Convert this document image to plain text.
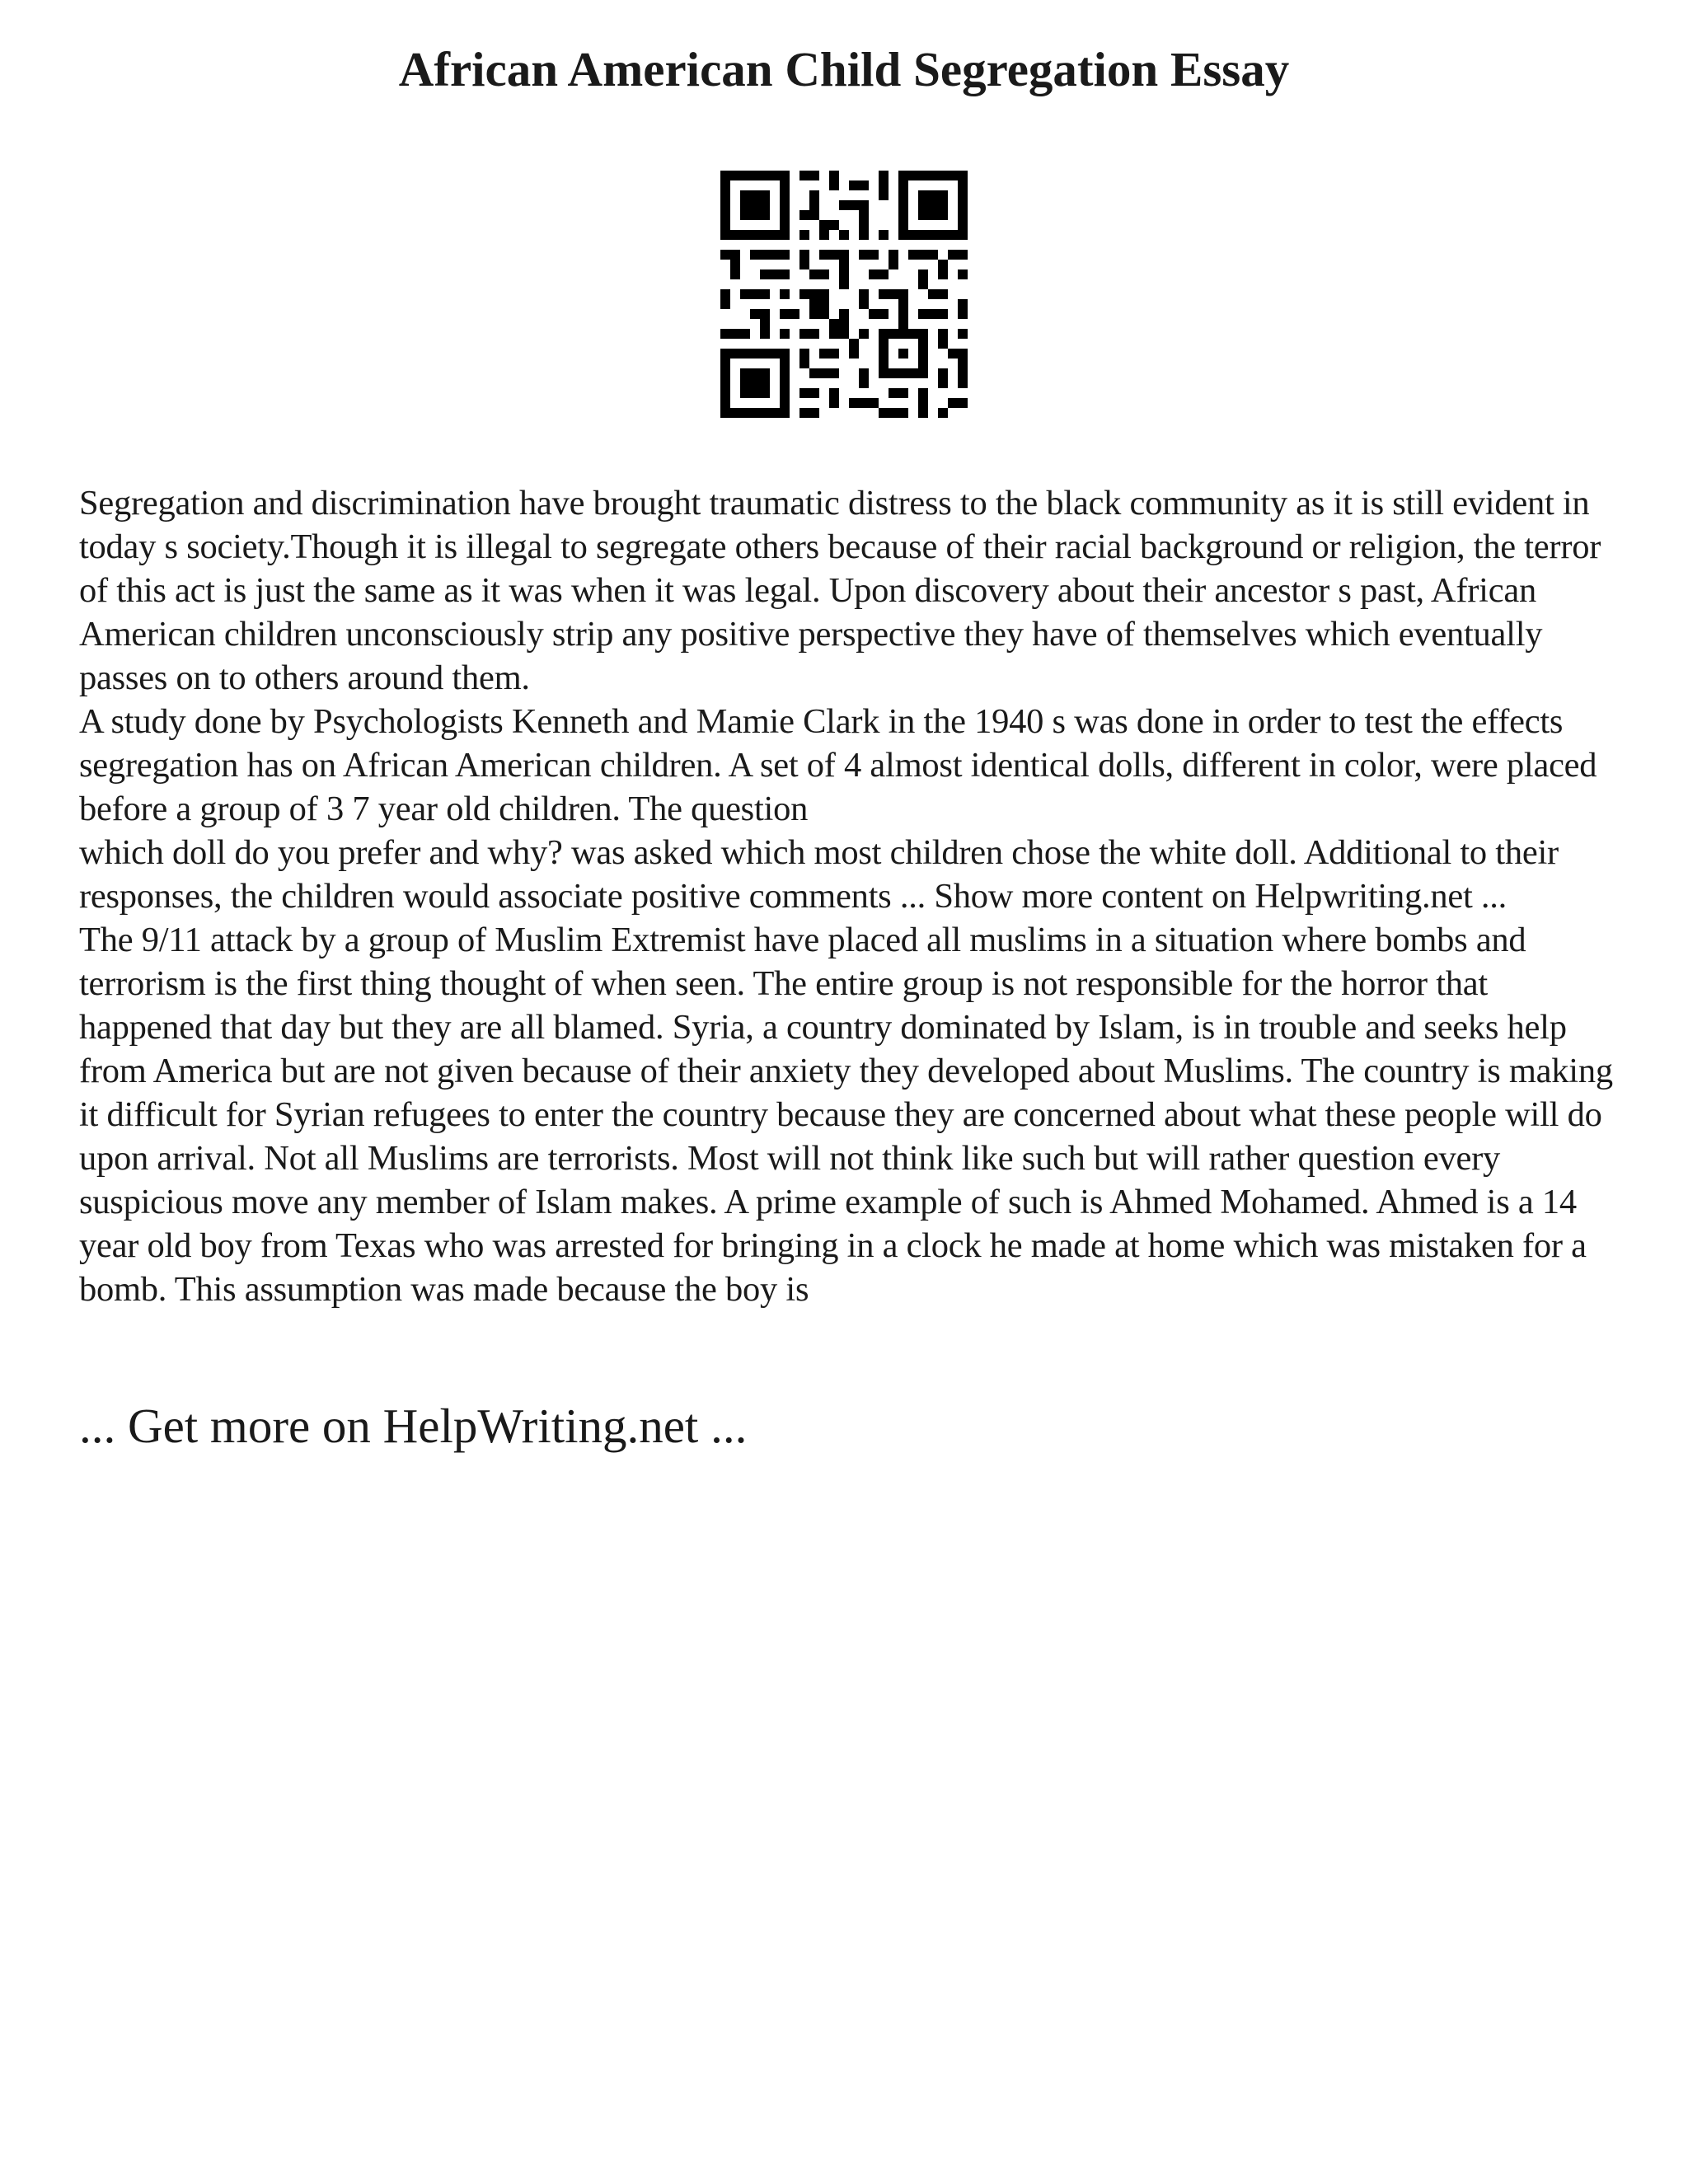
African American Child Segregation Essay

Segregation and discrimination have brought traumatic distress to the black community as it is still evident in today s society.Though it is illegal to segregate others because of their racial background or religion, the terror of this act is just the same as it was when it was legal. Upon discovery about their ancestor s past, African American children unconsciously strip any positive perspective they have of themselves which eventually passes on to others around them.

A study done by Psychologists Kenneth and Mamie Clark in the 1940 s was done in order to test the effects segregation has on African American children. A set of 4 almost identical dolls, different in color, were placed before a group of 3 7 year old children. The question

which doll do you prefer and why? was asked which most children chose the white doll. Additional to their responses, the children would associate positive comments ... Show more content on Helpwriting.net ...

The 9/11 attack by a group of Muslim Extremist have placed all muslims in a situation where bombs and terrorism is the first thing thought of when seen. The entire group is not responsible for the horror that happened that day but they are all blamed. Syria, a country dominated by Islam, is in trouble and seeks help from America but are not given because of their anxiety they developed about Muslims. The country is making it difficult for Syrian refugees to enter the country because they are concerned about what these people will do upon arrival. Not all Muslims are terrorists. Most will not think like such but will rather question every suspicious move any member of Islam makes. A prime example of such is Ahmed Mohamed. Ahmed is a 14 year old boy from Texas who was arrested for bringing in a clock he made at home which was mistaken for a bomb. This assumption was made because the boy is

... Get more on HelpWriting.net ...
